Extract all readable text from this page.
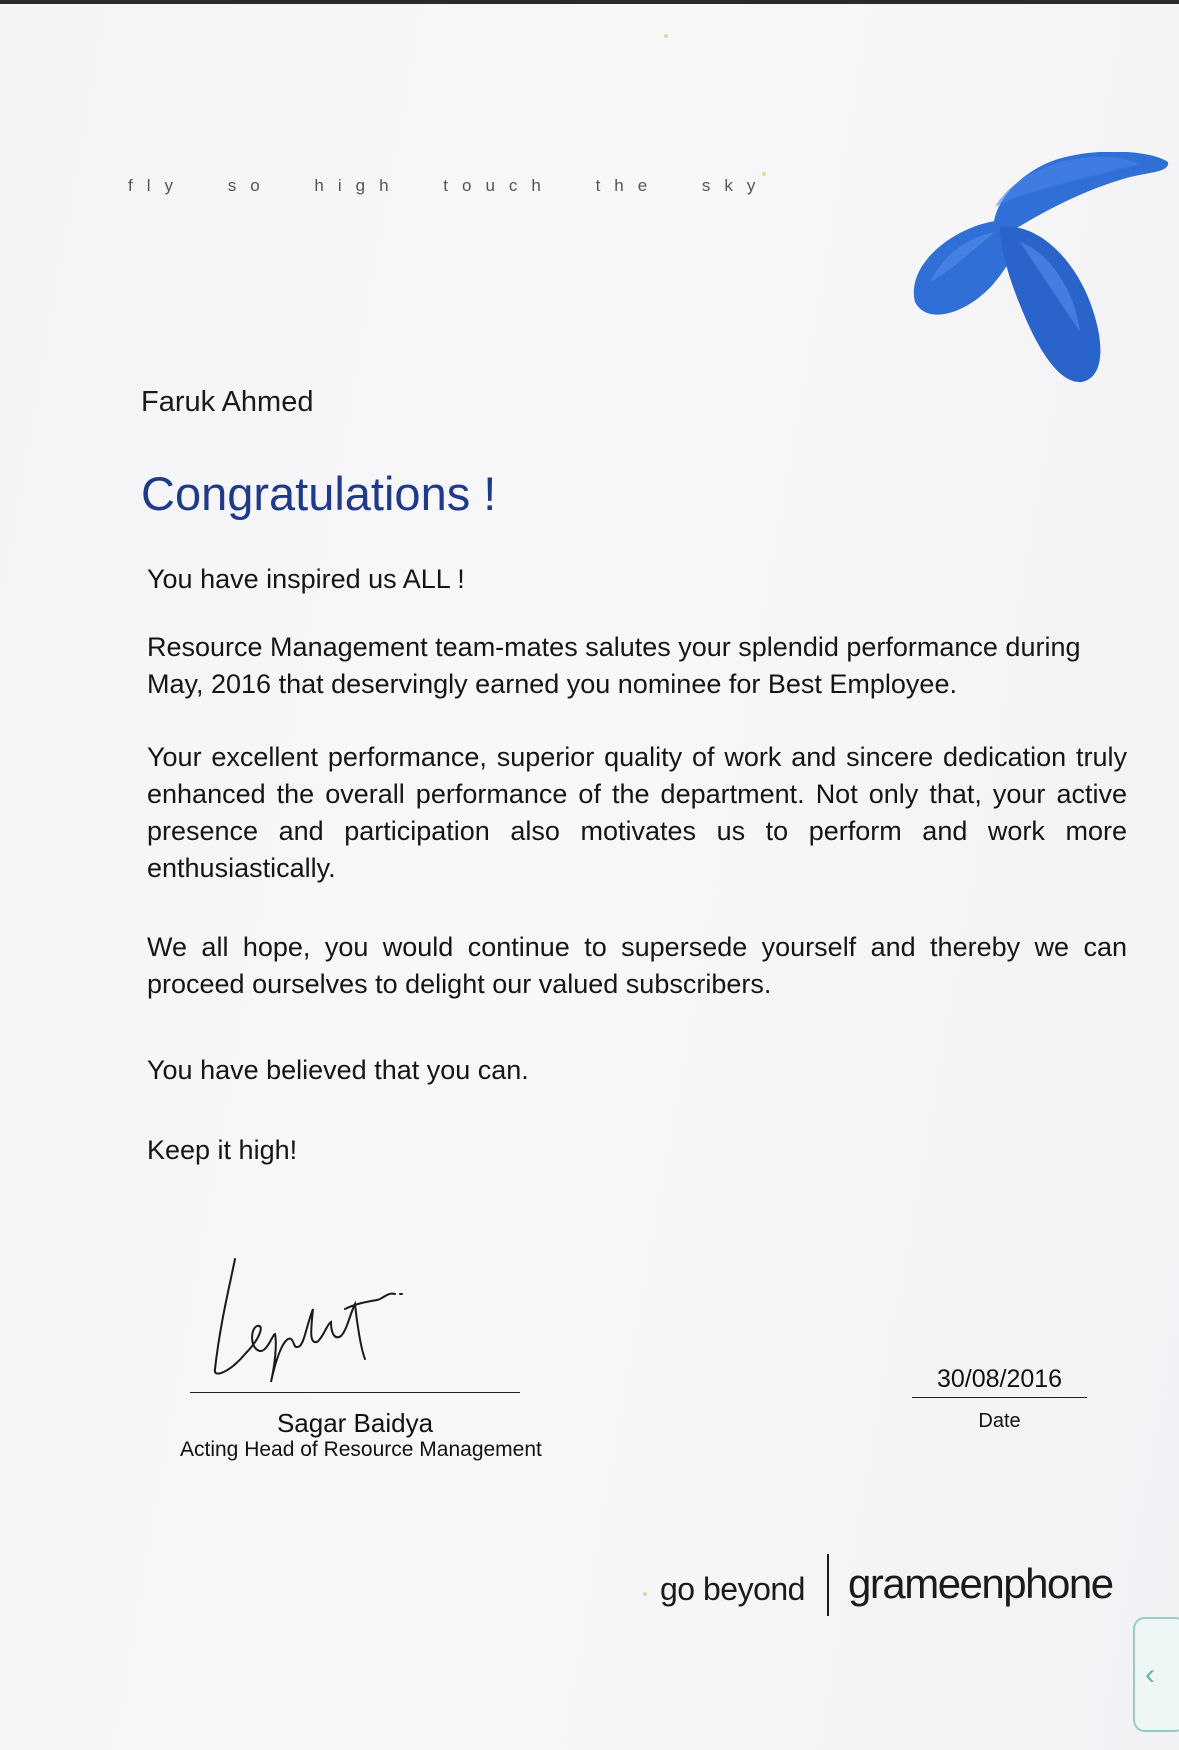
fly so high touch the sky
Faruk Ahmed
Congratulations !
You have inspired us ALL !
Resource Management team-mates salutes your splendid performance during May, 2016 that deservingly earned you nominee for Best Employee.
Your excellent performance, superior quality of work and sincere dedication truly enhanced the overall performance of the department. Not only that, your active presence and participation also motivates us to perform and work more enthusiastically.
We all hope, you would continue to supersede yourself and thereby we can proceed ourselves to delight our valued subscribers.
You have believed that you can.
Keep it high!
Sagar Baidya
Acting Head of Resource Management
30/08/2016
Date
go beyond grameenphone
‹
